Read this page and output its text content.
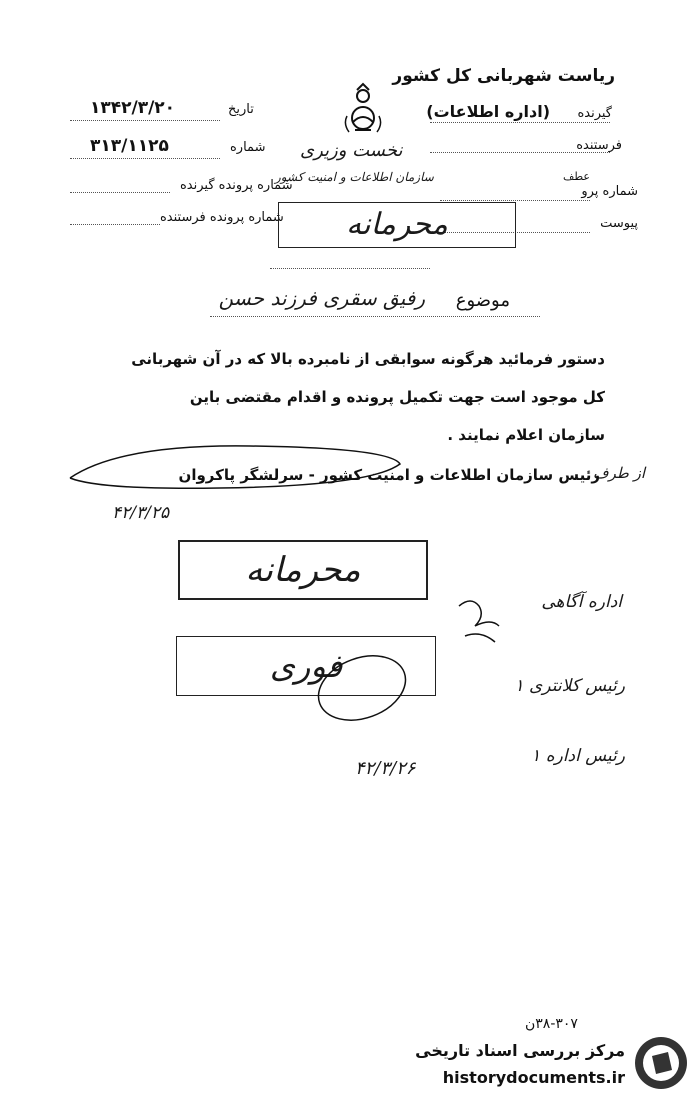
ریاست شهربانی کل کشور
گیرنده
(اداره اطلاعات)
فرستنده
عطف
شماره پرو
پیوست
نخست وزیری
سازمان اطلاعات و امنیت کشور
تاریخ
۱۳۴۲/۳/۲۰
شماره
۳۱۳/۱۱۲۵
شماره پرونده گیرنده
شماره پرونده فرستنده	محرمانه
موضوع
رفیق سقری فرزند حسن
دستور فرمائید هرگونه سوابقی از نامبرده بالا که در آن شهربانی
کل موجود است جهت تکمیل پرونده و اقدام مقتضی باین
سازمان اعلام نمایند .
از طرف
رئیس سازمان اطلاعات و امنیت کشور - سرلشگر پاکروان
۴۲/۳/۲۵
محرمانه
اداره آگاهی
فوری
رئیس کلانتری ۱
رئیس اداره ۱
۴۲/۳/۲۶
۳۸-۳۰۷ن
مرکز بررسی اسناد تاریخی
historydocuments.ir
